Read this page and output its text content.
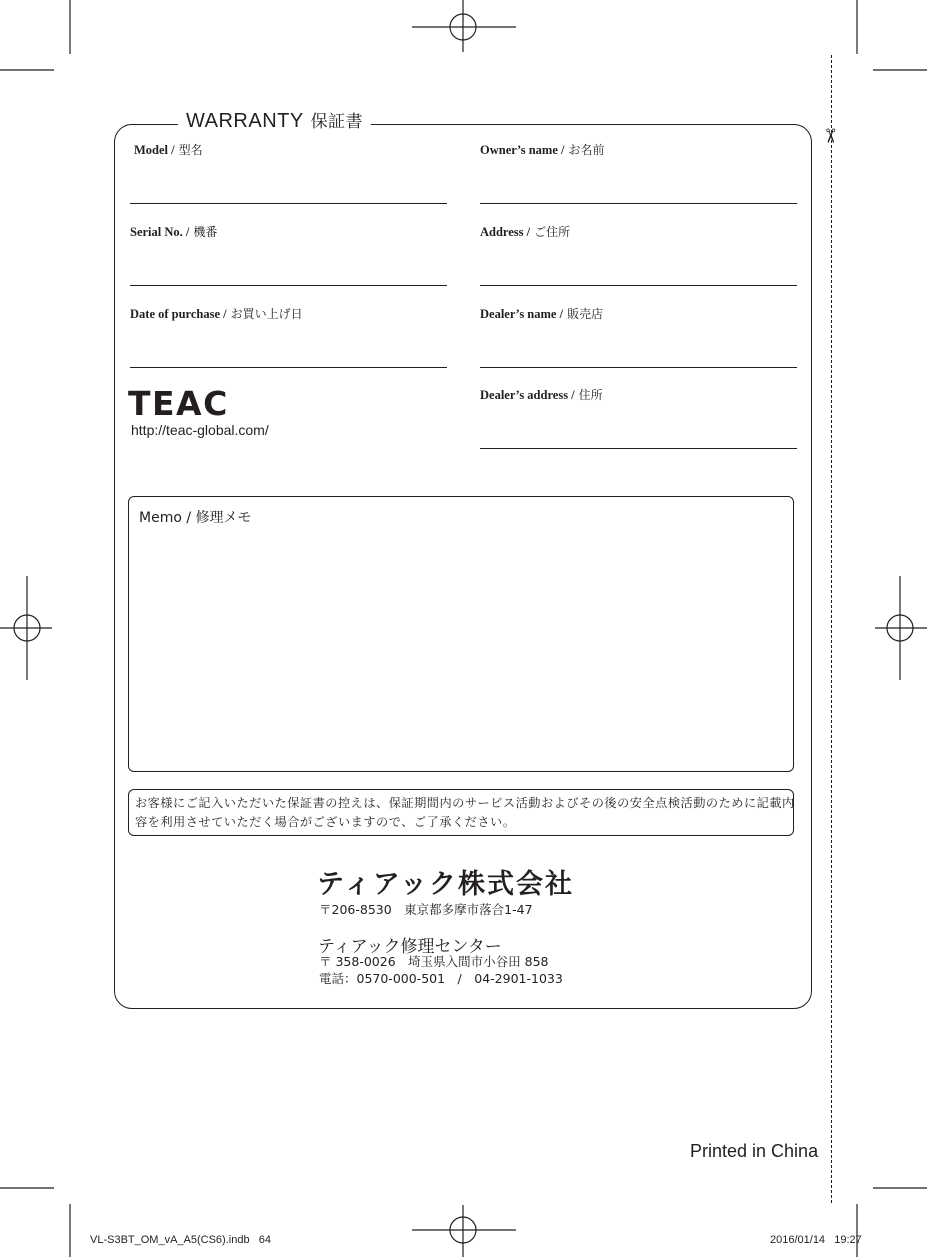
✂
WARRANTY 保証書
Model / 型名
Serial No. / 機番
Date of purchase / お買い上げ日
Owner’s name / お名前
Address / ご住所
Dealer’s name / 販売店
Dealer’s address / 住所
TEAC
http://teac-global.com/
Memo / 修理メモ
お客様にご記入いただいた保証書の控えは、保証期間内のサービス活動およびその後の安全点検活動のために記載内容を利用させていただく場合がございますので、ご了承ください。
ティアック株式会社
〒206-8530　東京都多摩市落合1-47
ティアック修理センター
〒 358-0026　埼玉県入間市小谷田 858
電話：0570-000-501　/　04-2901-1033
Printed in China
VL-S3BT_OM_vA_A5(CS6).indb   64	2016/01/14   19:27
